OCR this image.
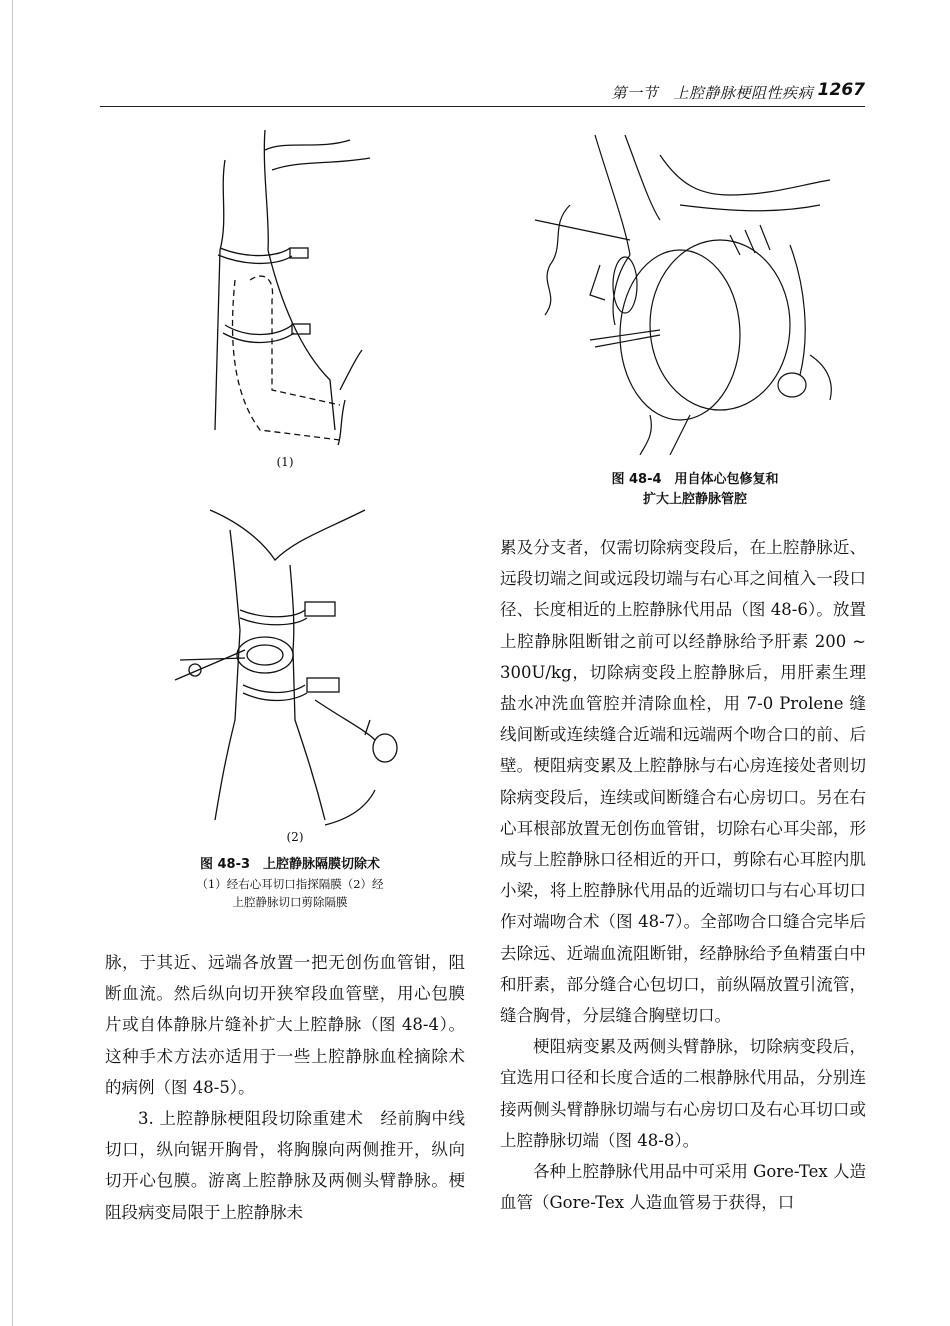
第一节　上腔静脉梗阻性疾病 1267
(1)
(2)
图 48-3　上腔静脉隔膜切除术
（1）经右心耳切口指探隔膜（2）经
上腔静脉切口剪除隔膜
图 48-4　用自体心包修复和
扩大上腔静脉管腔

脉，于其近、远端各放置一把无创伤血管钳，阻断血流。然后纵向切开狭窄段血管壁，用心包膜片或自体静脉片缝补扩大上腔静脉（图 48-4）。这种手术方法亦适用于一些上腔静脉血栓摘除术的病例（图 48-5）。

3. 上腔静脉梗阻段切除重建术　经前胸中线切口，纵向锯开胸骨，将胸腺向两侧推开，纵向切开心包膜。游离上腔静脉及两侧头臂静脉。梗阻段病变局限于上腔静脉未

累及分支者，仅需切除病变段后，在上腔静脉近、远段切端之间或远段切端与右心耳之间植入一段口径、长度相近的上腔静脉代用品（图 48-6）。放置上腔静脉阻断钳之前可以经静脉给予肝素 200 ~ 300U/kg，切除病变段上腔静脉后，用肝素生理盐水冲洗血管腔并清除血栓，用 7-0 Prolene 缝线间断或连续缝合近端和远端两个吻合口的前、后壁。梗阻病变累及上腔静脉与右心房连接处者则切除病变段后，连续或间断缝合右心房切口。另在右心耳根部放置无创伤血管钳，切除右心耳尖部，形成与上腔静脉口径相近的开口，剪除右心耳腔内肌小梁，将上腔静脉代用品的近端切口与右心耳切口作对端吻合术（图 48-7）。全部吻合口缝合完毕后去除远、近端血流阻断钳，经静脉给予鱼精蛋白中和肝素，部分缝合心包切口，前纵隔放置引流管，缝合胸骨，分层缝合胸壁切口。

梗阻病变累及两侧头臂静脉，切除病变段后，宜选用口径和长度合适的二根静脉代用品，分别连接两侧头臂静脉切端与右心房切口及右心耳切口或上腔静脉切端（图 48-8）。

各种上腔静脉代用品中可采用 Gore-Tex 人造血管（Gore-Tex 人造血管易于获得，口
